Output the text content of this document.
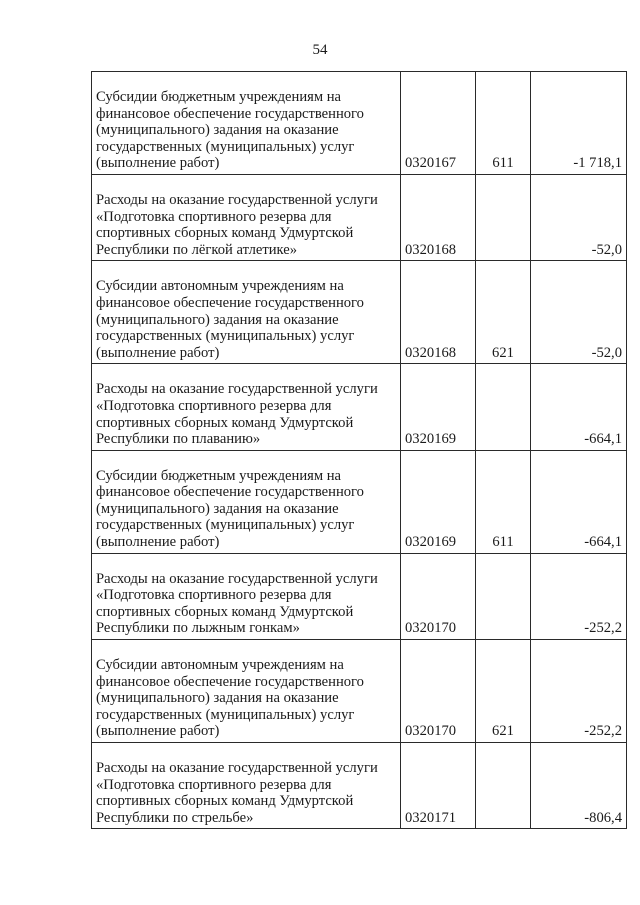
54
Субсидии бюджетным учреждениям на финансовое обеспечение государственного (муниципального) задания на оказание государственных (муниципальных) услуг (выполнение работ)	0320167	611	-1 718,1

Расходы на оказание государственной услуги «Подготовка спортивного резерва для спортивных сборных команд Удмуртской Республики по лёгкой атлетике»	0320168		-52,0

Субсидии автономным учреждениям на финансовое обеспечение государственного (муниципального) задания на оказание государственных (муниципальных) услуг (выполнение работ)	0320168	621	-52,0

Расходы на оказание государственной услуги «Подготовка спортивного резерва для спортивных сборных команд Удмуртской Республики по плаванию»	0320169		-664,1

Субсидии бюджетным учреждениям на финансовое обеспечение государственного (муниципального) задания на оказание государственных (муниципальных) услуг (выполнение работ)	0320169	611	-664,1

Расходы на оказание государственной услуги «Подготовка спортивного резерва для спортивных сборных команд Удмуртской Республики по лыжным гонкам»	0320170		-252,2

Субсидии автономным учреждениям на финансовое обеспечение государственного (муниципального) задания на оказание государственных (муниципальных) услуг (выполнение работ)	0320170	621	-252,2

Расходы на оказание государственной услуги «Подготовка спортивного резерва для спортивных сборных команд Удмуртской Республики по стрельбе»	0320171		-806,4
